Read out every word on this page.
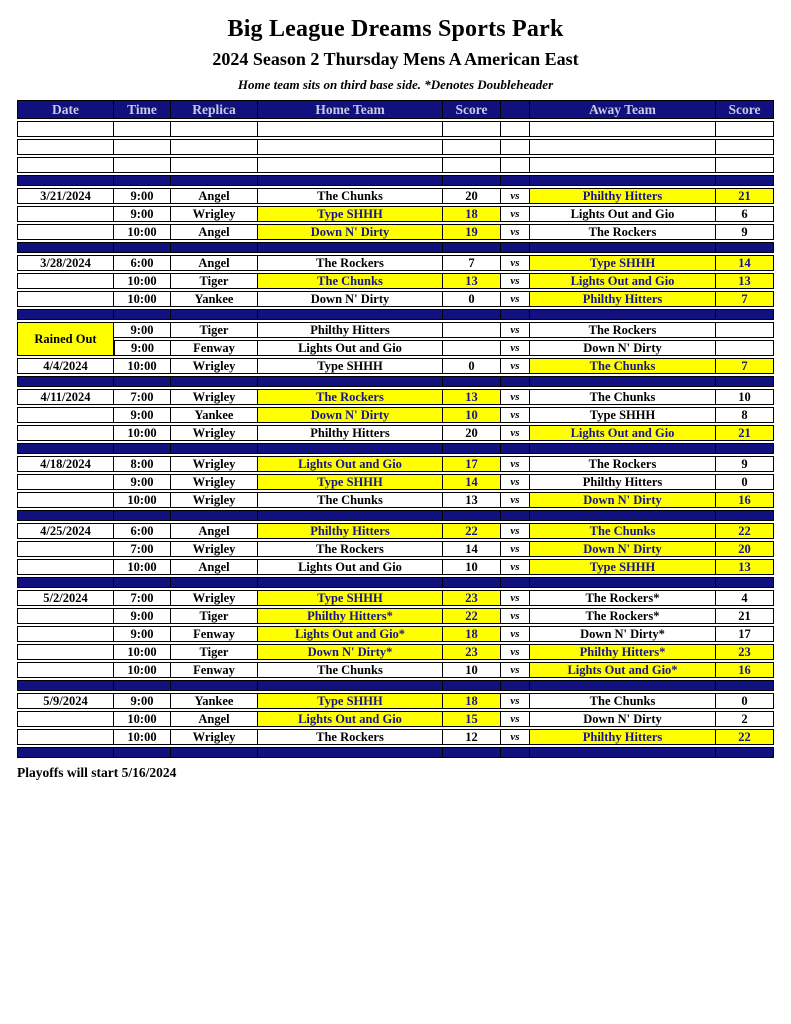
Big League Dreams Sports Park
2024 Season 2 Thursday Mens A American East
Home team sits on third base side. *Denotes Doubleheader
Date	Time	Replica	Home Team	Score		Away Team	Score

3/21/2024	9:00	Angel	The Chunks	20	vs	Philthy Hitters	21
	9:00	Wrigley	Type SHHH	18	vs	Lights Out and Gio	6
	10:00	Angel	Down N' Dirty	19	vs	The Rockers	9

3/28/2024	6:00	Angel	The Rockers	7	vs	Type SHHH	14
	10:00	Tiger	The Chunks	13	vs	Lights Out and Gio	13
	10:00	Yankee	Down N' Dirty	0	vs	Philthy Hitters	7

Rained Out	9:00	Tiger	Philthy Hitters		vs	The Rockers	
	9:00	Fenway	Lights Out and Gio		vs	Down N' Dirty	
4/4/2024	10:00	Wrigley	Type SHHH	0	vs	The Chunks	7

4/11/2024	7:00	Wrigley	The Rockers	13	vs	The Chunks	10
	9:00	Yankee	Down N' Dirty	10	vs	Type SHHH	8
	10:00	Wrigley	Philthy Hitters	20	vs	Lights Out and Gio	21

4/18/2024	8:00	Wrigley	Lights Out and Gio	17	vs	The Rockers	9
	9:00	Wrigley	Type SHHH	14	vs	Philthy Hitters	0
	10:00	Wrigley	The Chunks	13	vs	Down N' Dirty	16

4/25/2024	6:00	Angel	Philthy Hitters	22	vs	The Chunks	22
	7:00	Wrigley	The Rockers	14	vs	Down N' Dirty	20
	10:00	Angel	Lights Out and Gio	10	vs	Type SHHH	13

5/2/2024	7:00	Wrigley	Type SHHH	23	vs	The Rockers*	4
	9:00	Tiger	Philthy Hitters*	22	vs	The Rockers*	21
	9:00	Fenway	Lights Out and Gio*	18	vs	Down N' Dirty*	17
	10:00	Tiger	Down N' Dirty*	23	vs	Philthy Hitters*	23
	10:00	Fenway	The Chunks	10	vs	Lights Out and Gio*	16

5/9/2024	9:00	Yankee	Type SHHH	18	vs	The Chunks	0
	10:00	Angel	Lights Out and Gio	15	vs	Down N' Dirty	2
	10:00	Wrigley	The Rockers	12	vs	Philthy Hitters	22

Playoffs will start 5/16/2024
